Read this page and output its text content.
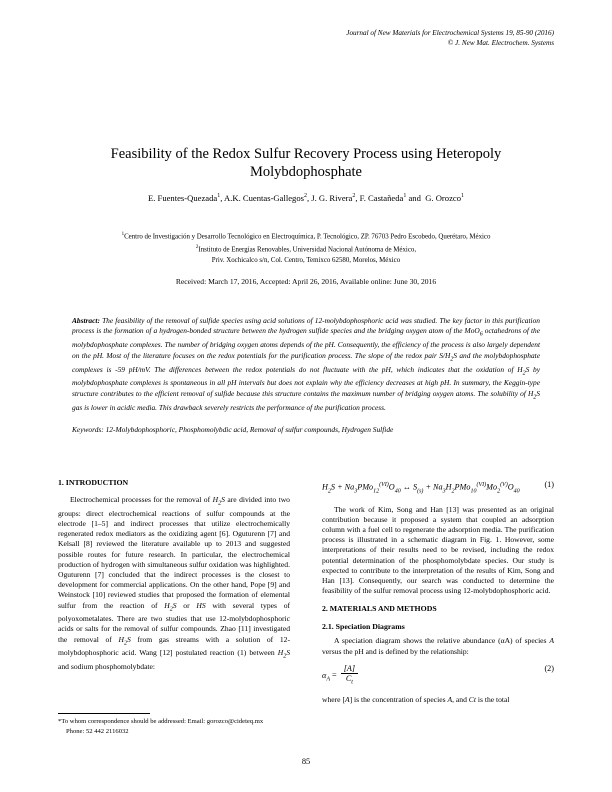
Journal of New Materials for Electrochemical Systems 19, 85-90 (2016)
© J. New Mat. Electrochem. Systems
Feasibility of the Redox Sulfur Recovery Process using Heteropoly Molybdophosphate
E. Fuentes-Quezada$^1$, A.K. Cuentas-Gallegos$^2$, J. G. Rivera$^2$, F. Castañeda$^1$ and  G. Orozco$^1$
$^1$Centro de Investigación y Desarrollo Tecnológico en Electroquímica, P. Tecnológico, ZP. 76703 Pedro Escobedo, Querétaro, México
$^2$Instituto de Energías Renovables, Universidad Nacional Autónoma de México,
Priv. Xochicalco s/n, Col. Centro, Temixco 62580, Morelos, México
Received: March 17, 2016, Accepted: April 26, 2016, Available online: June 30, 2016
Abstract: The feasibility of the removal of sulfide species using acid solutions of 12-molybdophosphoric acid was studied. The key factor in this purification process is the formation of a hydrogen-bonded structure between the hydrogen sulfide species and the bridging oxygen atom of the MoO$_6$ octahedrons of the molybdophosphate complexes. The number of bridging oxygen atoms depends of the pH. Consequently, the efficiency of the process is also largely dependent on the pH. Most of the literature focuses on the redox potentials for the purification process. The slope of the redox pair $S/H_2S$ and the molybdophosphate complexes is -59 pH/mV. The differences between the redox potentials do not fluctuate with the pH, which indicates that the oxidation of $H_2S$ by molybdophosphate complexes is spontaneous in all pH intervals but does not explain why the efficiency decreases at high pH. In summary, the Keggin-type structure contributes to the efficient removal of sulfide because this structure contains the maximum number of bridging oxygen atoms. The solubility of $H_2S$ gas is lower in acidic media. This drawback severely restricts the performance of the purification process.
Keywords: 12-Molybdophosphoric, Phosphomolybdic acid, Removal of sulfur compounds, Hydrogen Sulfide
1. INTRODUCTION

Electrochemical processes for the removal of $H_2S$ are divided into two groups: direct electrochemical reactions of sulfur compounds at the electrode [1–5] and indirect processes that utilize electrochemically regenerated redox mediators as the oxidizing agent [6]. Oguturenn [7] and Kelsall [8] reviewed the literature available up to 2013 and suggested possible routes for future research. In particular, the electrochemical production of hydrogen with simultaneous sulfur oxidation was highlighted. Oguturenn [7] concluded that the indirect processes is the closest to development for commercial applications. On the other hand, Pope [9] and Weinstock [10] reviewed studies that proposed the formation of elemental sulfur from the reaction of $H_2S$ or HS with several types of polyoxometalates. There are two studies that use 12-molybdophosphoric acids or salts for the removal of sulfur compounds. Zhao [11] investigated the removal of $H_2S$ from gas streams with a solution of 12-molybdophosphoric acid. Wang [12] postulated reaction (1) between $H_2S$ and sodium phosphomolybdate:

$H_2S + Na_3PMo_{12}^{(VI)}O_{40}$ ↔ $S_{(s)} + Na_3H_2PMo_{10}^{(VI)}Mo_2^{(V)}O_{40}$
(1)

The work of Kim, Song and Han [13] was presented as an original contribution because it proposed a system that coupled an adsorption column with a fuel cell to regenerate the adsorption media. The purification process is illustrated in a schematic diagram in Fig. 1. However, some interpretations of their results need to be revised, including the redox potential determination of the phosphomolybdate species. Our study is expected to contribute to the interpretation of the results of Kim, Song and Han [13]. Consequently, our search was conducted to determine the feasibility of the sulfur removal process using 12-molybdophosphoric acid.

2. MATERIALS AND METHODS
2.1. Speciation Diagrams

A speciation diagram shows the relative abundance (αA) of species A versus the pH and is defined by the relationship:

$\alpha_A = \frac{[A]}{C_t}$	(2)

where [A] is the concentration of species A, and Ct is the total

*To whom correspondence should be addressed: Email: gorozco@cideteq.mx
Phone: 52 442 2116032
85
